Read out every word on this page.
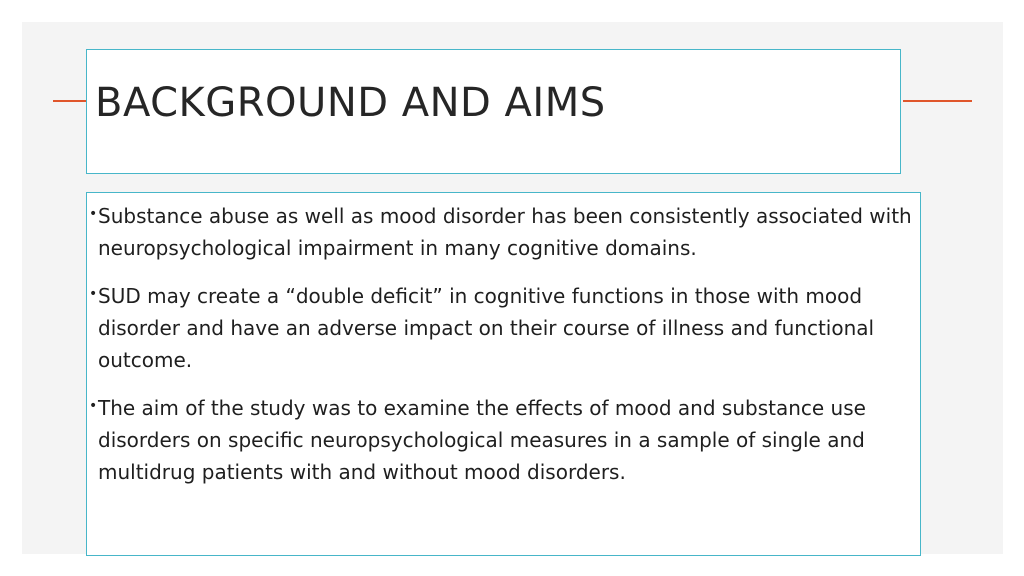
BACKGROUND AND AIMS
• Substance abuse as well as mood disorder has been consistently associated with neuropsychological impairment in many cognitive domains.
• SUD may create a “double deficit” in cognitive functions in those with mood disorder and have an adverse impact on their course of illness and functional outcome.
• The aim of the study was to examine the effects of mood and substance use disorders on specific neuropsychological measures in a sample of single and multidrug patients with and without mood disorders.
